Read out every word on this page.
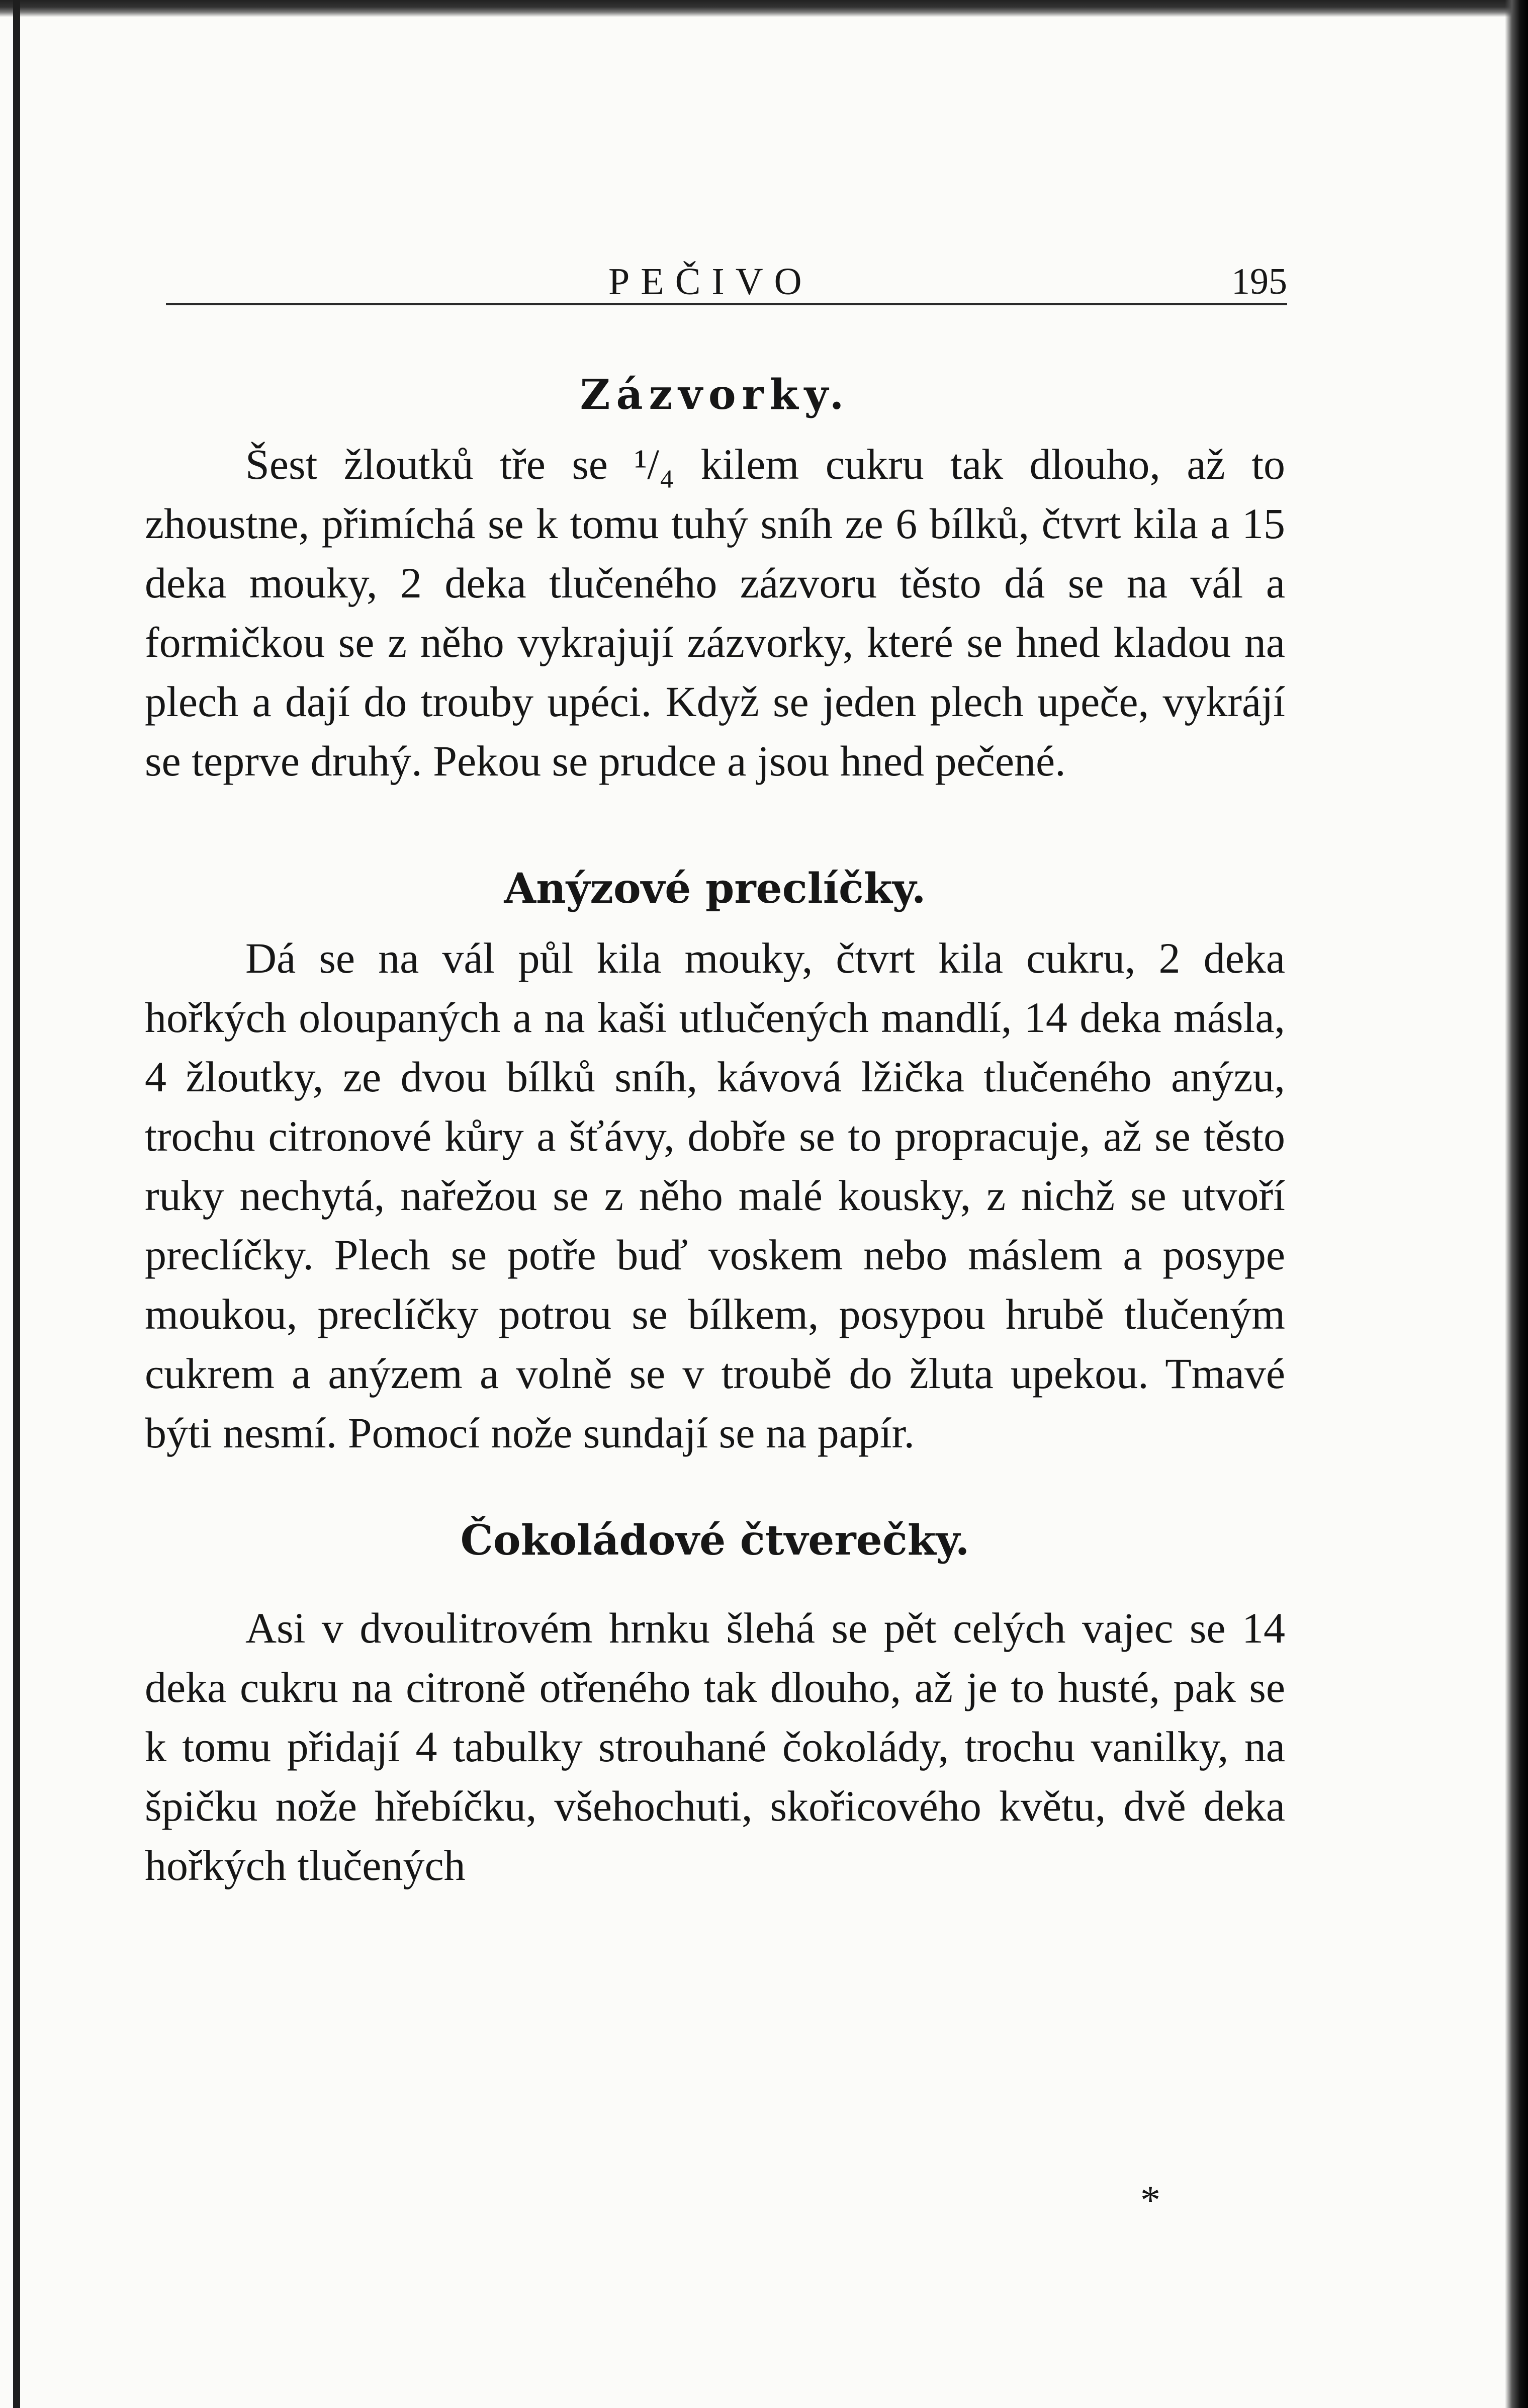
PEČIVO	195
Zázvorky.

Šest žloutků tře se ¹/₄ kilem cukru tak dlouho, až to zhoustne, přimíchá se k tomu tuhý sníh ze 6 bílků, čtvrt kila a 15 deka mouky, 2 deka tlučeného zázvoru těsto dá se na vál a formičkou se z něho vykrajují zázvorky, které se hned kladou na plech a dají do trouby upéci. Když se jeden plech upeče, vykrájí se teprve druhý. Pekou se prudce a jsou hned pečené.

Anýzové preclíčky.

Dá se na vál půl kila mouky, čtvrt kila cukru, 2 deka hořkých oloupaných a na kaši utlučených mandlí, 14 deka másla, 4 žloutky, ze dvou bílků sníh, kávová lžička tlučeného anýzu, trochu citronové kůry a šťávy, dobře se to propracuje, až se těsto ruky nechytá, nařežou se z něho malé kousky, z nichž se utvoří preclíčky. Plech se potře buď voskem nebo máslem a posype moukou, preclíčky potrou se bílkem, posypou hrubě tlučeným cukrem a anýzem a volně se v troubě do žluta upekou. Tmavé býti nesmí. Pomocí nože sundají se na papír.

Čokoládové čtverečky.

Asi v dvoulitrovém hrnku šlehá se pět celých vajec se 14 deka cukru na citroně otřeného tak dlouho, až je to husté, pak se k tomu přidají 4 tabulky strouhané čokolády, trochu vanilky, na špičku nože hřebíčku, všehochuti, skořicového květu, dvě deka hořkých tlučených

*
